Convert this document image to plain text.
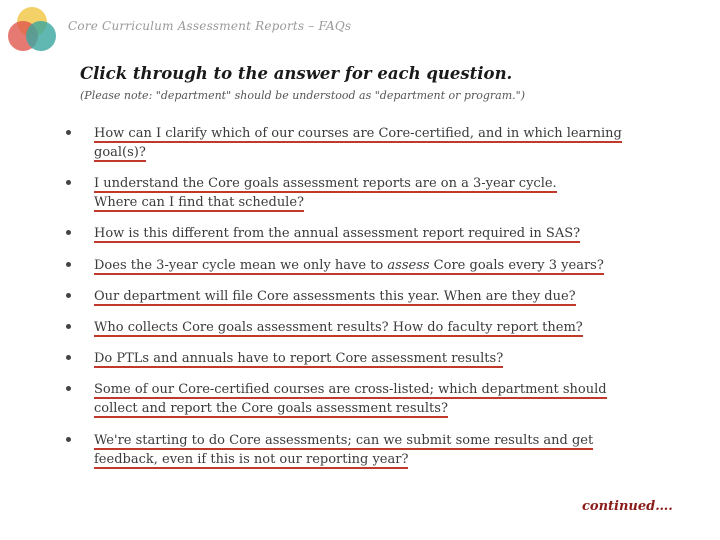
Core Curriculum Assessment Reports – FAQs
Click through to the answer for each question.
(Please note: "department" should be understood as "department or program.")
How can I clarify which of our courses are Core-certified, and in which learning
goal(s)?
I understand the Core goals assessment reports are on a 3-year cycle.
Where can I find that schedule?
How is this different from the annual assessment report required in SAS?
Does the 3-year cycle mean we only have to assess Core goals every 3 years?
Our department will file Core assessments this year. When are they due?
Who collects Core goals assessment results? How do faculty report them?
Do PTLs and annuals have to report Core assessment results?
Some of our Core-certified courses are cross-listed; which department should
collect and report the Core goals assessment results?
We're starting to do Core assessments; can we submit some results and get
feedback, even if this is not our reporting year?
continued….
